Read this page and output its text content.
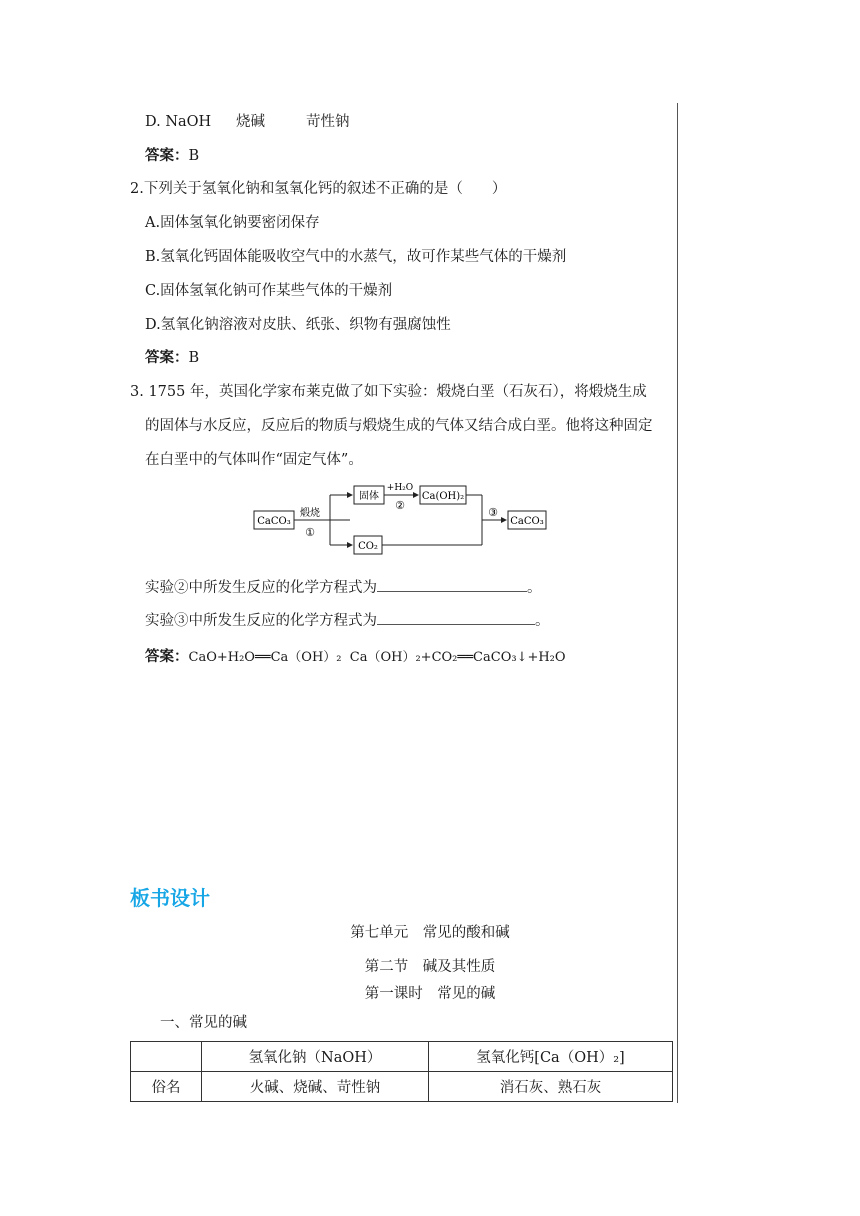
D. NaOH 烧碱	苛性钠
答案：B
2.下列关于氢氧化钠和氢氧化钙的叙述不正确的是（　　）
A.固体氢氧化钠要密闭保存
B.氢氧化钙固体能吸收空气中的水蒸气，故可作某些气体的干燥剂
C.固体氢氧化钠可作某些气体的干燥剂
D.氢氧化钠溶液对皮肤、纸张、织物有强腐蚀性
答案：B
3. 1755 年，英国化学家布莱克做了如下实验：煅烧白垩（石灰石），将煅烧生成
的固体与水反应，反应后的物质与煅烧生成的气体又结合成白垩。他将这种固定
在白垩中的气体叫作“固定气体”。
CaCO₃
煅烧
①
固体
+H₂O
②
Ca(OH)₂
CO₂
③
CaCO₃
实验②中所发生反应的化学方程式为	。
实验③中所发生反应的化学方程式为	。
答案：CaO+H₂O══Ca（OH）₂ Ca（OH）₂+CO₂══CaCO₃↓+H₂O
板书设计
第七单元　常见的酸和碱
第二节　碱及其性质
第一课时　常见的碱
一、常见的碱
	氢氧化钠（NaOH）	氢氧化钙[Ca（OH）₂]
俗名	火碱、烧碱、苛性钠	消石灰、熟石灰
